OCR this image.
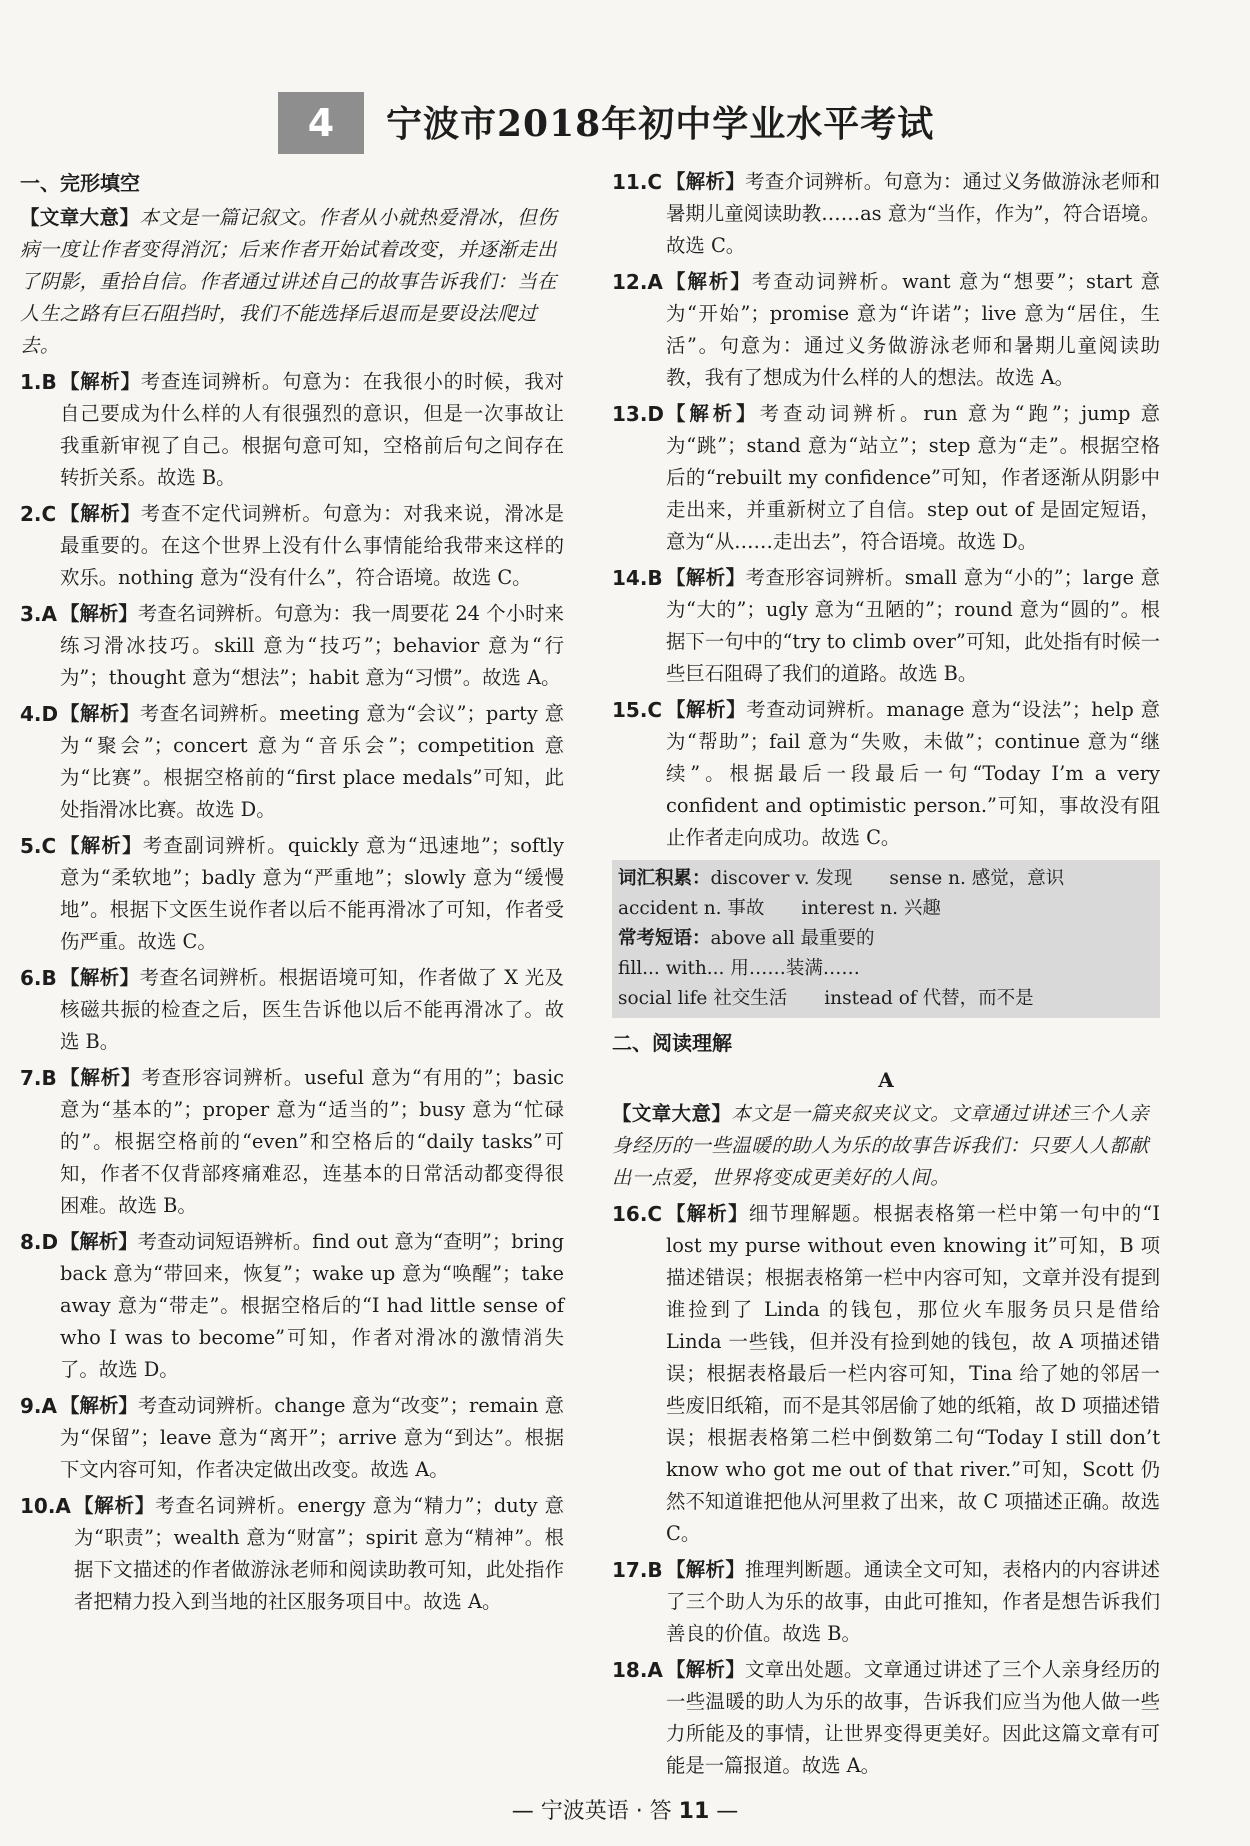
4	宁波市2018年初中学业水平考试
一、完形填空
【文章大意】本文是一篇记叙文。作者从小就热爱滑冰，但伤病一度让作者变得消沉；后来作者开始试着改变，并逐渐走出了阴影，重拾自信。作者通过讲述自己的故事告诉我们：当在人生之路有巨石阻挡时，我们不能选择后退而是要设法爬过去。
1.B 【解析】考查连词辨析。句意为：在我很小的时候，我对自己要成为什么样的人有很强烈的意识，但是一次事故让我重新审视了自己。根据句意可知，空格前后句之间存在转折关系。故选 B。
2.C 【解析】考查不定代词辨析。句意为：对我来说，滑冰是最重要的。在这个世界上没有什么事情能给我带来这样的欢乐。nothing 意为“没有什么”，符合语境。故选 C。
3.A 【解析】考查名词辨析。句意为：我一周要花 24 个小时来练习滑冰技巧。skill 意为“技巧”；behavior 意为“行为”；thought 意为“想法”；habit 意为“习惯”。故选 A。
4.D 【解析】考查名词辨析。meeting 意为“会议”；party 意为“聚会”；concert 意为“音乐会”；competition 意为“比赛”。根据空格前的“first place medals”可知，此处指滑冰比赛。故选 D。
5.C 【解析】考查副词辨析。quickly 意为“迅速地”；softly 意为“柔软地”；badly 意为“严重地”；slowly 意为“缓慢地”。根据下文医生说作者以后不能再滑冰了可知，作者受伤严重。故选 C。
6.B 【解析】考查名词辨析。根据语境可知，作者做了 X 光及核磁共振的检查之后，医生告诉他以后不能再滑冰了。故选 B。
7.B 【解析】考查形容词辨析。useful 意为“有用的”；basic 意为“基本的”；proper 意为“适当的”；busy 意为“忙碌的”。根据空格前的“even”和空格后的“daily tasks”可知，作者不仅背部疼痛难忍，连基本的日常活动都变得很困难。故选 B。
8.D 【解析】考查动词短语辨析。find out 意为“查明”；bring back 意为“带回来，恢复”；wake up 意为“唤醒”；take away 意为“带走”。根据空格后的“I had little sense of who I was to become”可知，作者对滑冰的激情消失了。故选 D。
9.A 【解析】考查动词辨析。change 意为“改变”；remain 意为“保留”；leave 意为“离开”；arrive 意为“到达”。根据下文内容可知，作者决定做出改变。故选 A。
10.A 【解析】考查名词辨析。energy 意为“精力”；duty 意为“职责”；wealth 意为“财富”；spirit 意为“精神”。根据下文描述的作者做游泳老师和阅读助教可知，此处指作者把精力投入到当地的社区服务项目中。故选 A。
11.C 【解析】考查介词辨析。句意为：通过义务做游泳老师和暑期儿童阅读助教……as 意为“当作，作为”，符合语境。故选 C。
12.A 【解析】考查动词辨析。want 意为“想要”；start 意为“开始”；promise 意为“许诺”；live 意为“居住，生活”。句意为：通过义务做游泳老师和暑期儿童阅读助教，我有了想成为什么样的人的想法。故选 A。
13.D 【解析】考查动词辨析。run 意为“跑”；jump 意为“跳”；stand 意为“站立”；step 意为“走”。根据空格后的“rebuilt my confidence”可知，作者逐渐从阴影中走出来，并重新树立了自信。step out of 是固定短语，意为“从……走出去”，符合语境。故选 D。
14.B 【解析】考查形容词辨析。small 意为“小的”；large 意为“大的”；ugly 意为“丑陋的”；round 意为“圆的”。根据下一句中的“try to climb over”可知，此处指有时候一些巨石阻碍了我们的道路。故选 B。
15.C 【解析】考查动词辨析。manage 意为“设法”；help 意为“帮助”；fail 意为“失败，未做”；continue 意为“继续”。根据最后一段最后一句“Today I’m a very confident and optimistic person.”可知，事故没有阻止作者走向成功。故选 C。
词汇积累：discover v. 发现　　sense n. 感觉，意识
accident n. 事故　　interest n. 兴趣
常考短语：above all 最重要的
fill... with... 用……装满……
social life 社交生活　　instead of 代替，而不是
二、阅读理解
A
【文章大意】本文是一篇夹叙夹议文。文章通过讲述三个人亲身经历的一些温暖的助人为乐的故事告诉我们：只要人人都献出一点爱，世界将变成更美好的人间。
16.C 【解析】细节理解题。根据表格第一栏中第一句中的“I lost my purse without even knowing it”可知，B 项描述错误；根据表格第一栏中内容可知，文章并没有提到谁捡到了 Linda 的钱包，那位火车服务员只是借给 Linda 一些钱，但并没有捡到她的钱包，故 A 项描述错误；根据表格最后一栏内容可知，Tina 给了她的邻居一些废旧纸箱，而不是其邻居偷了她的纸箱，故 D 项描述错误；根据表格第二栏中倒数第二句“Today I still don’t know who got me out of that river.”可知，Scott 仍然不知道谁把他从河里救了出来，故 C 项描述正确。故选 C。
17.B 【解析】推理判断题。通读全文可知，表格内的内容讲述了三个助人为乐的故事，由此可推知，作者是想告诉我们善良的价值。故选 B。
18.A 【解析】文章出处题。文章通过讲述了三个人亲身经历的一些温暖的助人为乐的故事，告诉我们应当为他人做一些力所能及的事情，让世界变得更美好。因此这篇文章有可能是一篇报道。故选 A。
— 宁波英语 · 答 11 —
